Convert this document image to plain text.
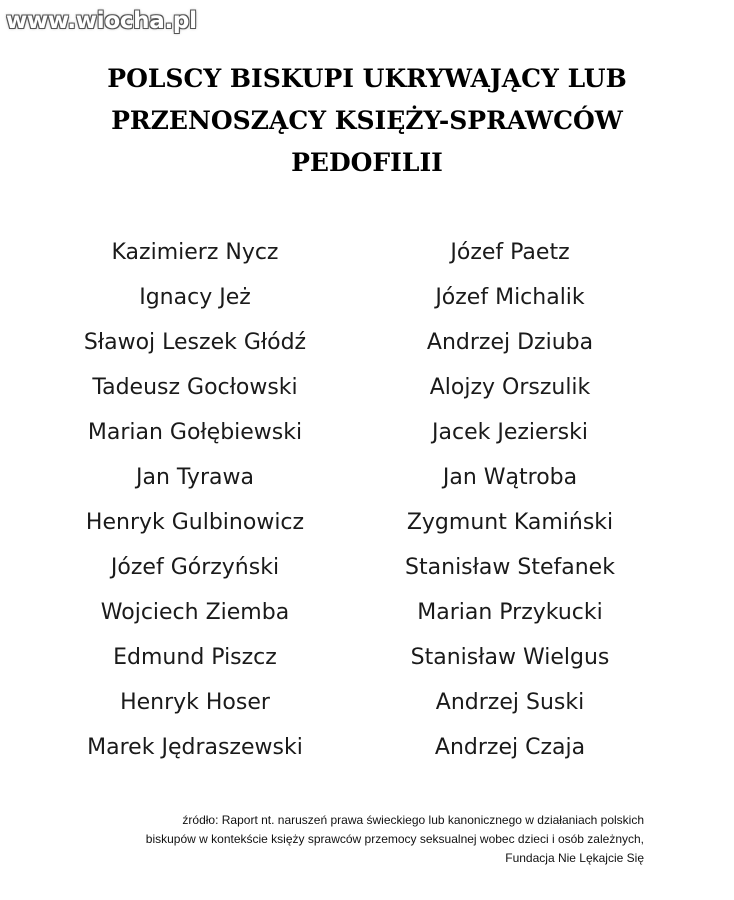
www.wiocha.pl
POLSCY BISKUPI UKRYWAJĄCY LUB
PRZENOSZĄCY KSIĘŻY-SPRAWCÓW
PEDOFILII
Kazimierz Nycz
Ignacy Jeż
Sławoj Leszek Głódź
Tadeusz Gocłowski
Marian Gołębiewski
Jan Tyrawa
Henryk Gulbinowicz
Józef Górzyński
Wojciech Ziemba
Edmund Piszcz
Henryk Hoser
Marek Jędraszewski
Józef Paetz
Józef Michalik
Andrzej Dziuba
Alojzy Orszulik
Jacek Jezierski
Jan Wątroba
Zygmunt Kamiński
Stanisław Stefanek
Marian Przykucki
Stanisław Wielgus
Andrzej Suski
Andrzej Czaja
źródło: Raport nt. naruszeń prawa świeckiego lub kanonicznego w działaniach polskich
biskupów w kontekście księży sprawców przemocy seksualnej wobec dzieci i osób zależnych,
Fundacja Nie Lękajcie Się
